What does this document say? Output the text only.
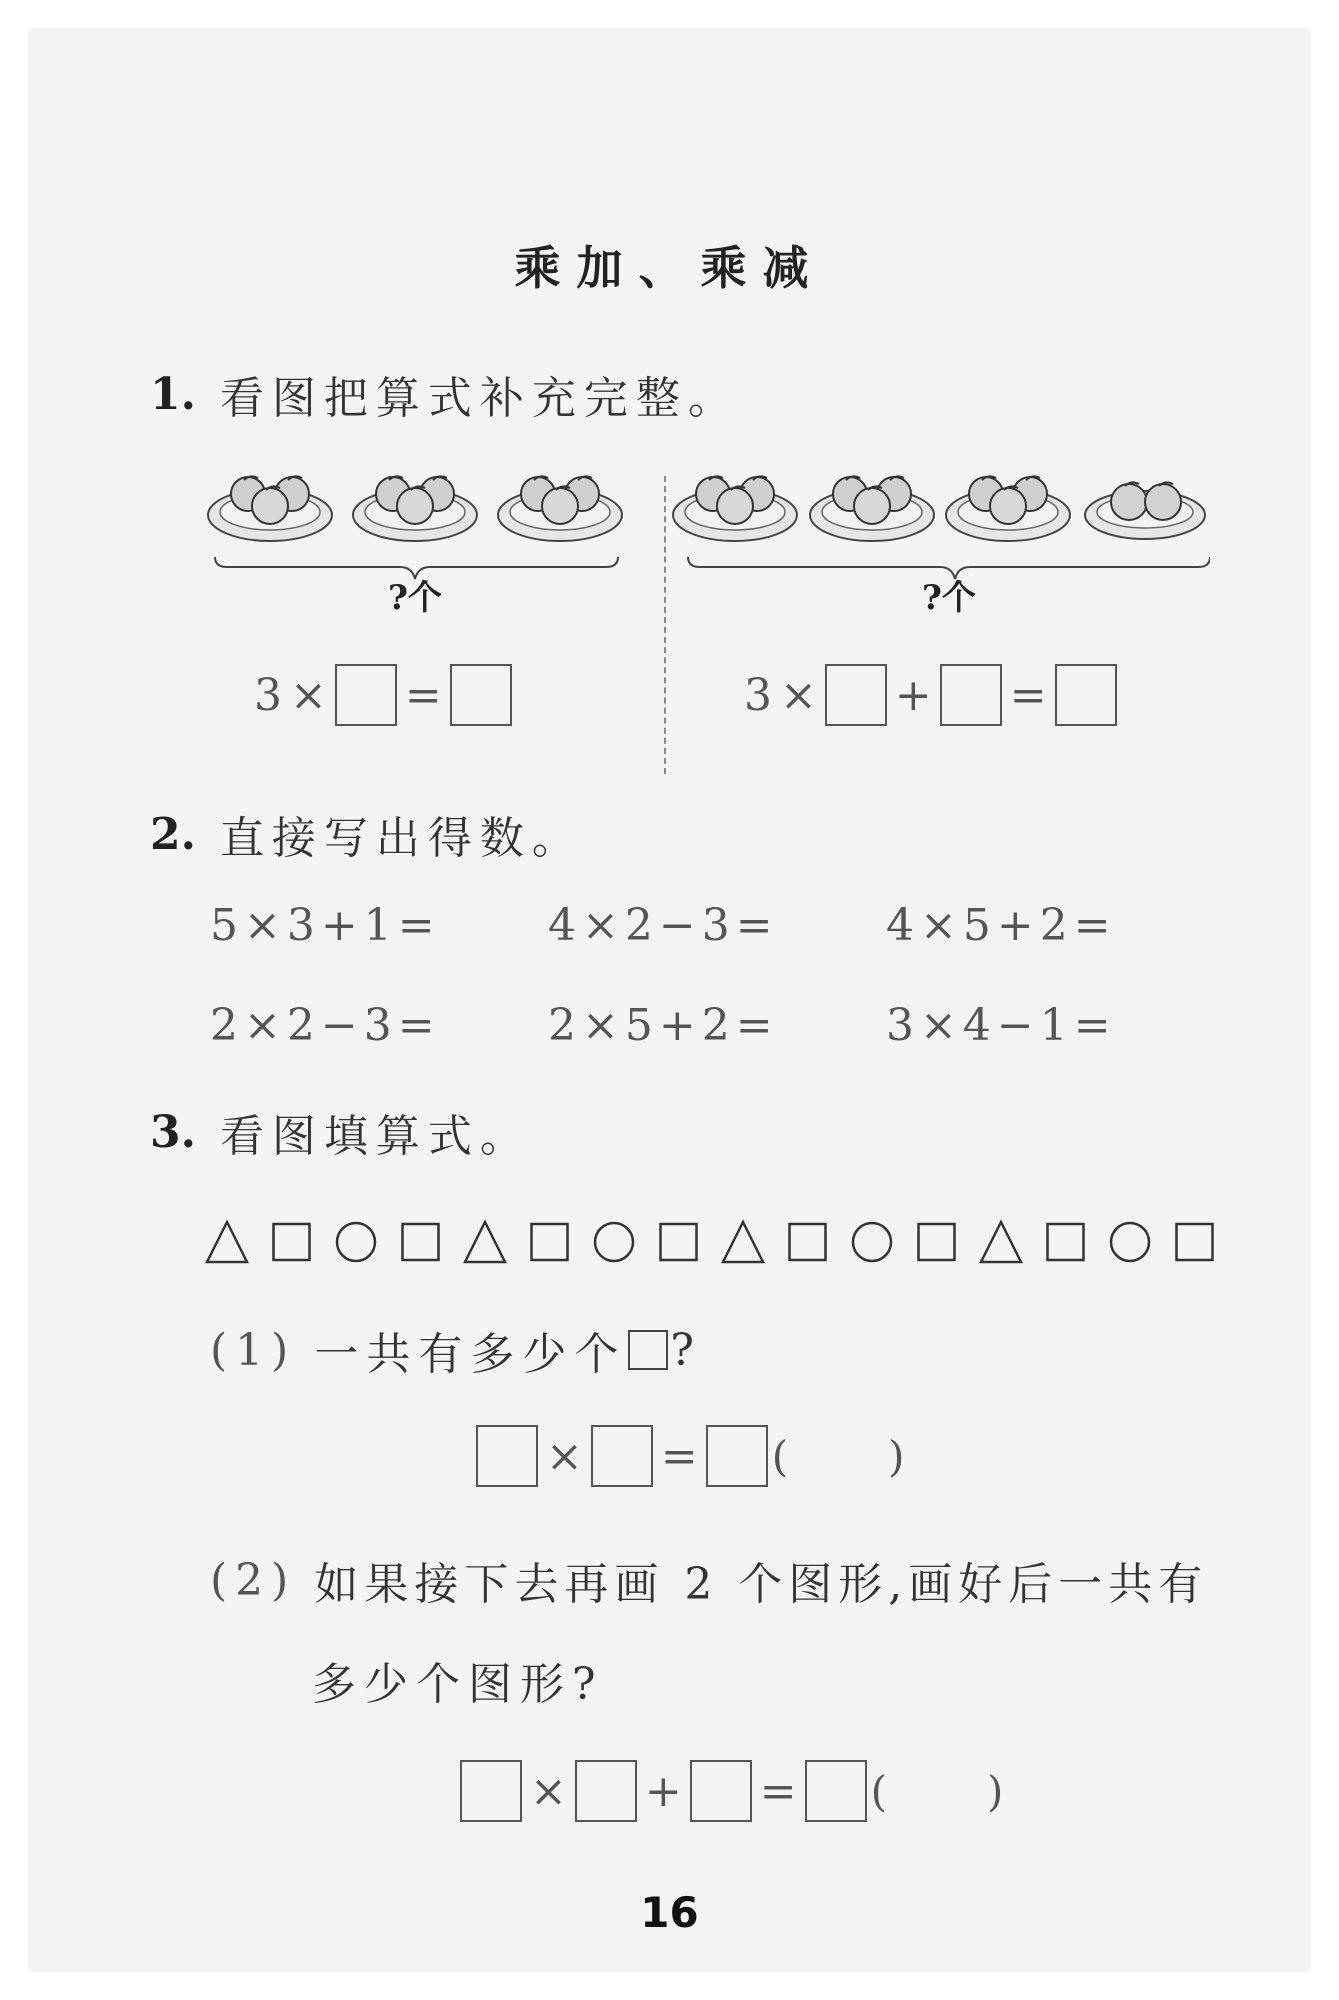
乘加、乘减
1. 看图把算式补充完整。
?个	?个
3 × =	3 × + =
2. 直接写出得数。
5×3+1= 4×2−3= 4×5+2=
2×2−3= 2×5+2= 3×4−1=
3. 看图填算式。
(1) 一共有多少个 ?
× = ( )
(2) 如果接下去再画 2 个图形,画好后一共有
多少个图形?
× + = ( )
16
